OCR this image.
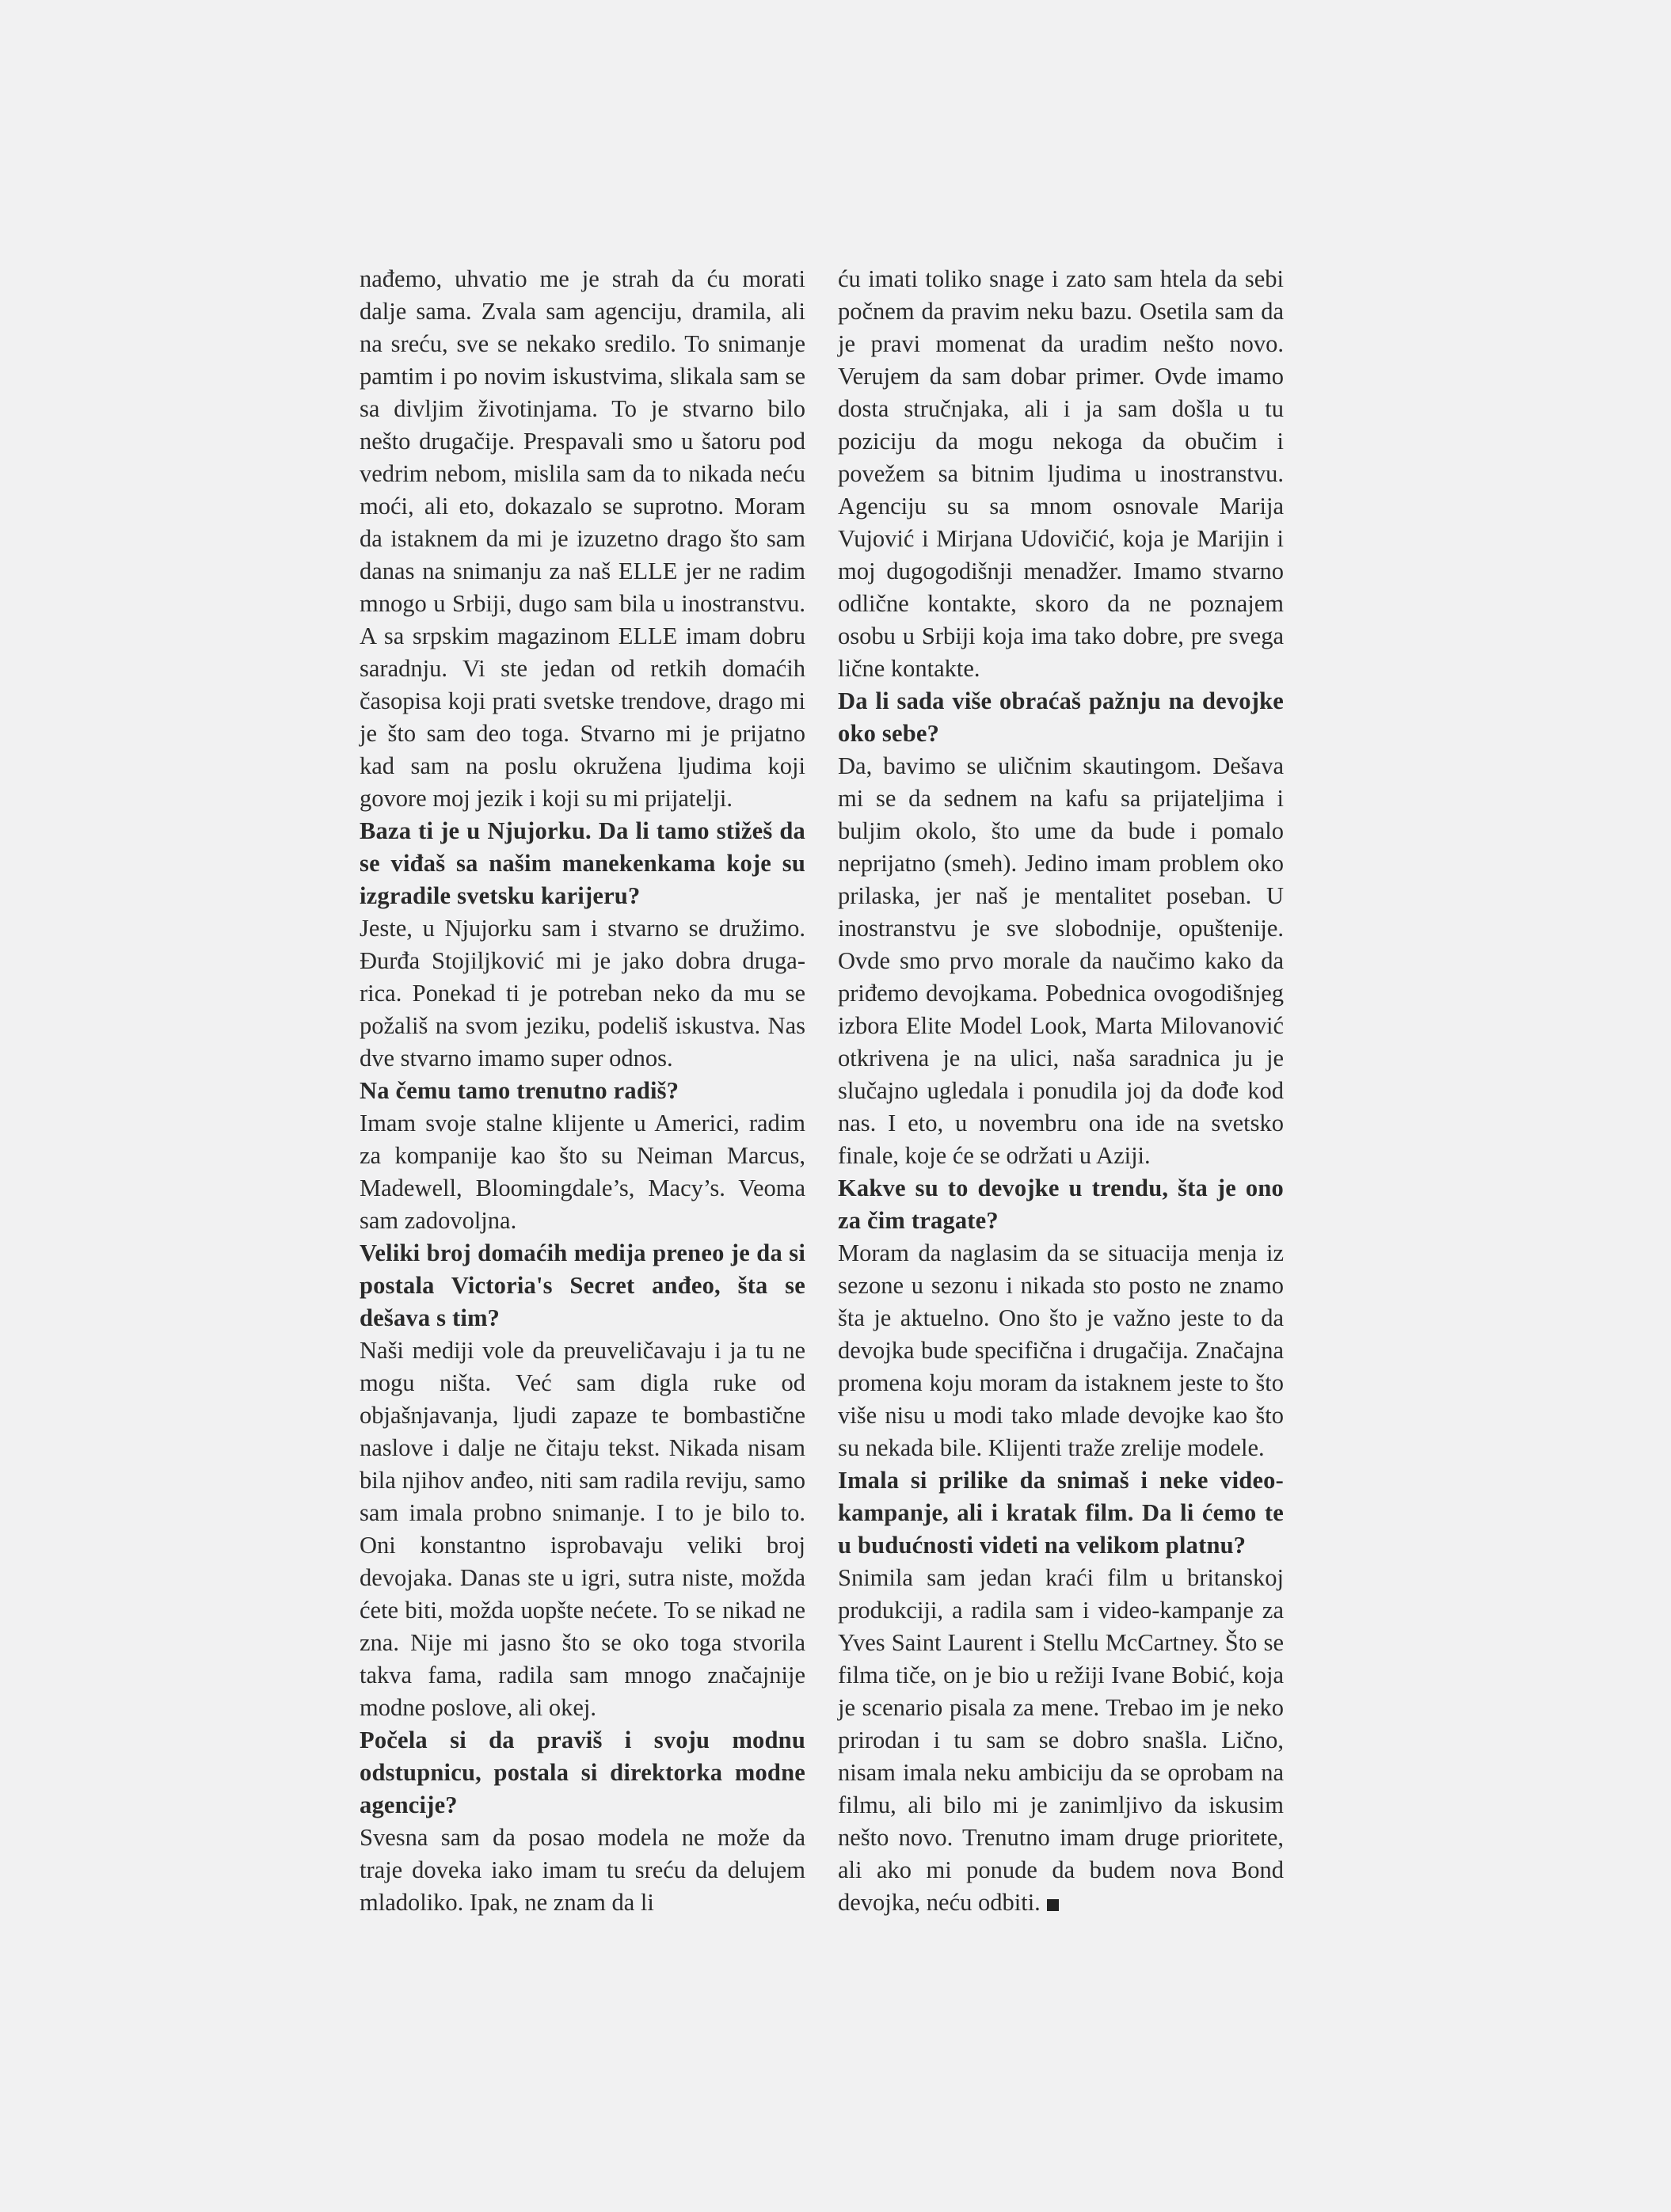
nađemo, uhvatio me je strah da ću morati dalje sama. Zvala sam agenciju, dramila, ali na sreću, sve se nekako sredilo. To snimanje pamtim i po novim iskustvima, slikala sam se sa divljim životinjama. To je stvarno bilo nešto drugačije. Prespavali smo u šatoru pod vedrim nebom, mislila sam da to nikada neću moći, ali eto, dokazalo se suprotno. Moram da istaknem da mi je izuzetno drago što sam danas na snimanju za naš ELLE jer ne radim mnogo u Srbiji, dugo sam bila u inostranstvu. A sa srpskim magazinom ELLE imam dobru saradnju. Vi ste jedan od retkih domaćih časopisa koji prati svetske trendove, drago mi je što sam deo toga. Stvarno mi je prijatno kad sam na poslu okružena ljudima koji govore moj jezik i koji su mi prijatelji.

Baza ti je u Njujorku. Da li tamo stižeš da se viđaš sa našim manekenkama koje su izgradile svetsku karijeru?

Jeste, u Njujorku sam i stvarno se družimo. Đurđa Stojiljković mi je jako dobra drugarica. Ponekad ti je potreban neko da mu se požališ na svom jeziku, podeliš iskustva. Nas dve stvarno imamo super odnos.

Na čemu tamo trenutno radiš?

Imam svoje stalne klijente u Americi, radim za kompanije kao što su Neiman Marcus, Madewell, Bloomingdale’s, Macy’s. Veoma sam zadovoljna.

Veliki broj domaćih medija preneo je da si postala Victoria's Secret anđeo, šta se dešava s tim?

Naši mediji vole da preuveličavaju i ja tu ne mogu ništa. Već sam digla ruke od objašnjavanja, ljudi zapaze te bombastične naslove i dalje ne čitaju tekst. Nikada nisam bila njihov anđeo, niti sam radila reviju, samo sam imala probno snimanje. I to je bilo to. Oni konstantno isprobavaju veliki broj devojaka. Danas ste u igri, sutra niste, možda ćete biti, možda uopšte nećete. To se nikad ne zna. Nije mi jasno što se oko toga stvorila takva fama, radila sam mnogo značajnije modne poslove, ali okej.

Počela si da praviš i svoju modnu odstupnicu, postala si direktorka modne agencije?

Svesna sam da posao modela ne može da traje doveka iako imam tu sreću da delujem mladoliko. Ipak, ne znam da li

ću imati toliko snage i zato sam htela da sebi počnem da pravim neku bazu. Osetila sam da je pravi momenat da uradim nešto novo. Verujem da sam dobar primer. Ovde imamo dosta stručnjaka, ali i ja sam došla u tu poziciju da mogu nekoga da obučim i povežem sa bitnim ljudima u inostranstvu. Agenciju su sa mnom osnovale Marija Vujović i Mirjana Udovičić, koja je Marijin i moj dugogodišnji menadžer. Imamo stvarno odlične kontakte, skoro da ne poznajem osobu u Srbiji koja ima tako dobre, pre svega lične kontakte.

Da li sada više obraćaš pažnju na devojke oko sebe?

Da, bavimo se uličnim skautingom. Dešava mi se da sednem na kafu sa prijateljima i buljim okolo, što ume da bude i pomalo neprijatno (smeh). Jedino imam problem oko prilaska, jer naš je mentalitet poseban. U inostranstvu je sve slobodnije, opuštenije. Ovde smo prvo morale da naučimo kako da priđemo devojkama. Pobednica ovogodišnjeg izbora Elite Model Look, Marta Milovanović otkrivena je na ulici, naša saradnica ju je slučajno ugledala i ponudila joj da dođe kod nas. I eto, u novembru ona ide na svetsko finale, koje će se održati u Aziji.

Kakve su to devojke u trendu, šta je ono za čim tragate?

Moram da naglasim da se situacija menja iz sezone u sezonu i nikada sto posto ne znamo šta je aktuelno. Ono što je važno jeste to da devojka bude specifična i drugačija. Značajna promena koju moram da istaknem jeste to što više nisu u modi tako mlade devojke kao što su nekada bile. Klijenti traže zrelije modele.

Imala si prilike da snimaš i neke video-kampanje, ali i kratak film. Da li ćemo te u budućnosti videti na velikom platnu?

Snimila sam jedan kraći film u britanskoj produkciji, a radila sam i video-kampanje za Yves Saint Laurent i Stellu McCartney. Što se filma tiče, on je bio u režiji Ivane Bobić, koja je scenario pisala za mene. Trebao im je neko prirodan i tu sam se dobro snašla. Lično, nisam imala neku ambiciju da se oprobam na filmu, ali bilo mi je zanimljivo da iskusim nešto novo. Trenutno imam druge prioritete, ali ako mi ponude da budem nova Bond devojka, neću odbiti.
